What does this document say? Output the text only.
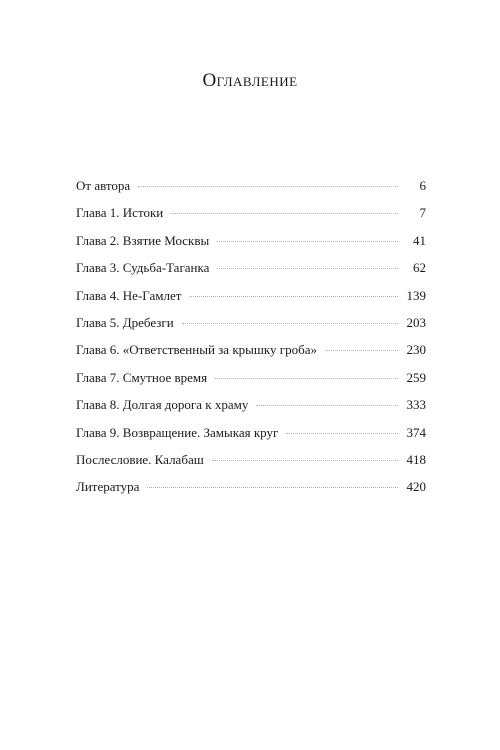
Оглавление
От автора	6
Глава 1. Истоки	7
Глава 2. Взятие Москвы	41
Глава 3. Судьба-Таганка	62
Глава 4. Не-Гамлет	139
Глава 5. Дребезги	203
Глава 6. «Ответственный за крышку гроба»	230
Глава 7. Смутное время	259
Глава 8. Долгая дорога к храму	333
Глава 9. Возвращение. Замыкая круг	374
Послесловие. Калабаш	418
Литература	420
